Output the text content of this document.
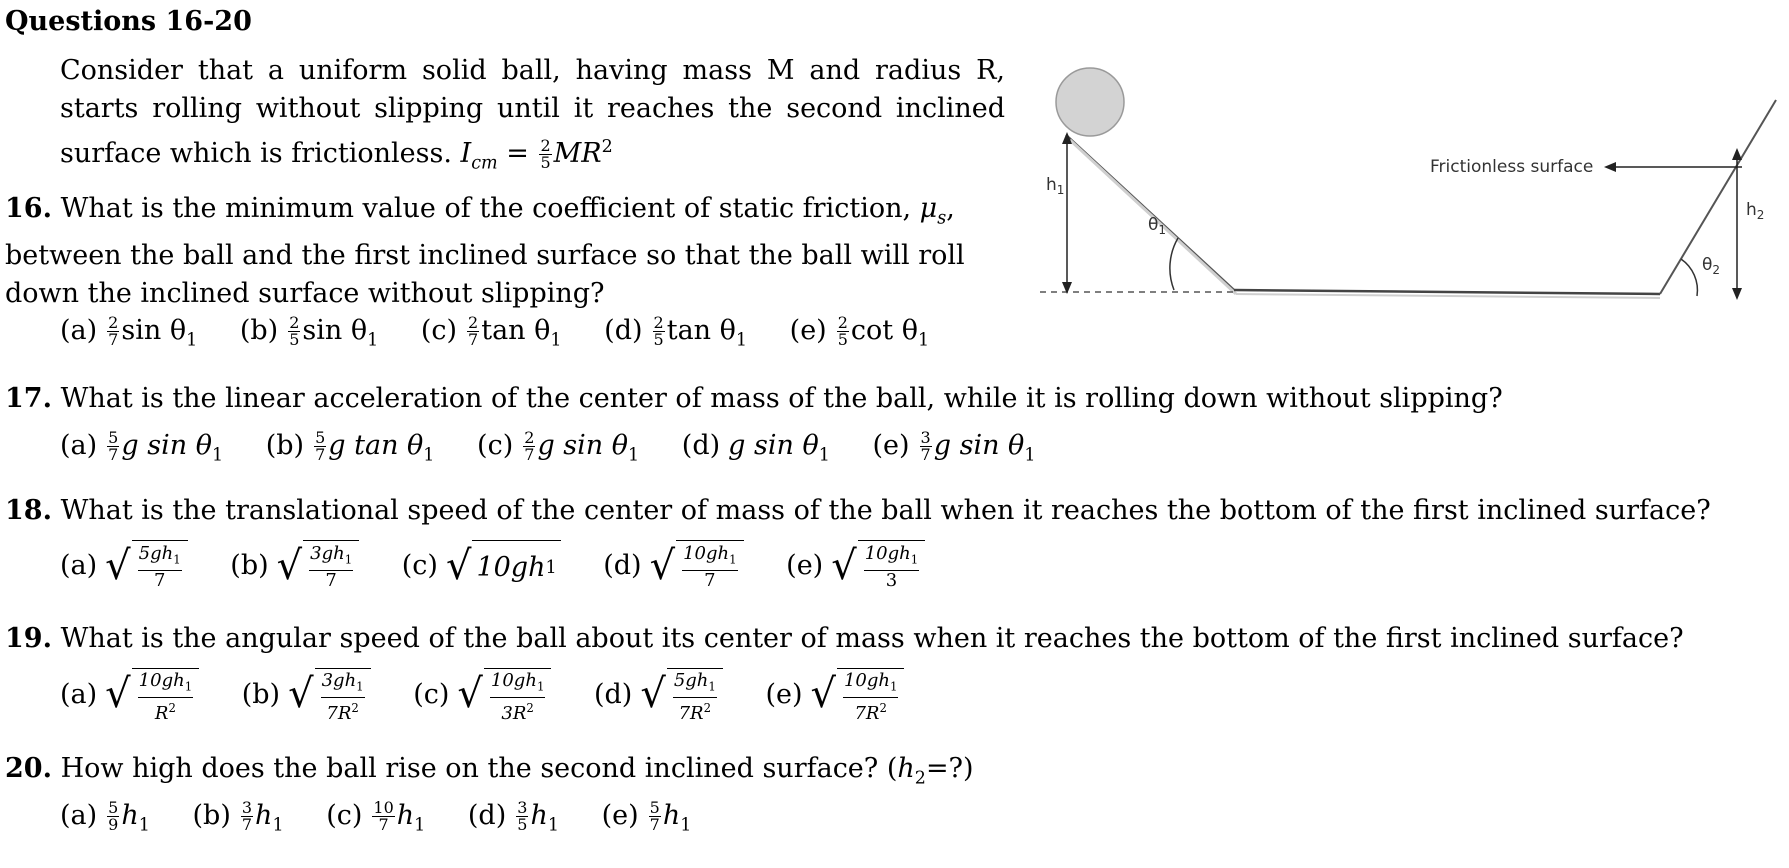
Questions 16-20
Consider that a uniform solid ball, having mass M and radius R, starts rolling without slipping until it reaches the second inclined surface which is frictionless. $I_{cm} = \frac{2}{5} MR^2$
$h_1$
$\theta_1$
$h_2$
$\theta_2$
Frictionless surface
16. What is the minimum value of the coefficient of static friction, $\mu_s$, between the ball and the first inclined surface so that the ball will roll down the inclined surface without slipping?
$(a) \frac{2}{7}$ $\sin \theta_1$ $(b) \frac{2}{5}$ $\sin \theta_1$ $(c) \frac{2}{7}$ $\tan \theta_1$ $(d) \frac{2}{5}$ $\tan \theta_1$ $(e) \frac{2}{5}$ $\cot \theta_1$
17. What is the linear acceleration of the center of mass of the ball, while it is rolling down without slipping?
$(a) \frac{5}{7}$ g $\sin \theta_1$ $(b) \frac{5}{7}$ g $\tan \theta_1$ $(c) \frac{2}{7}$ g $\sin \theta_1$ (d) g $\sin \theta_1$ $(e) \frac{3}{7}$ g $\sin \theta_1$
18. What is the translational speed of the center of mass of the ball when it reaches the bottom of the first inclined surface?
(a) √ $\frac{5gh_1}{7} (b)$ √ $\frac{3gh_1}{7} (c)$ √ 10gh 1 (d) √ $\frac{10gh_1}{7} (e)$ √ $\frac{10gh_1}{3}$
19. What is the angular speed of the ball about its center of mass when it reaches the bottom of the first inclined surface?
(a) √ $\frac{10gh_1}{R^2} (b)$ √ $\frac{3gh_1}{7R^2} (c)$ √ $\frac{10gh_1}{3R^2} (d)$ √ $\frac{5gh_1}{7R^2} (e)$ √ $\frac{10gh_1}{7R^2}$
20. How high does the ball rise on the second inclined surface? $(h_2=?)$
$(a) \frac{5}{9} h_1$ $(b) \frac{3}{7} h_1$ $(c) \frac{10}{7} h_1$ $(d) \frac{3}{5} h_1$ $(e) \frac{5}{7} h_1$
